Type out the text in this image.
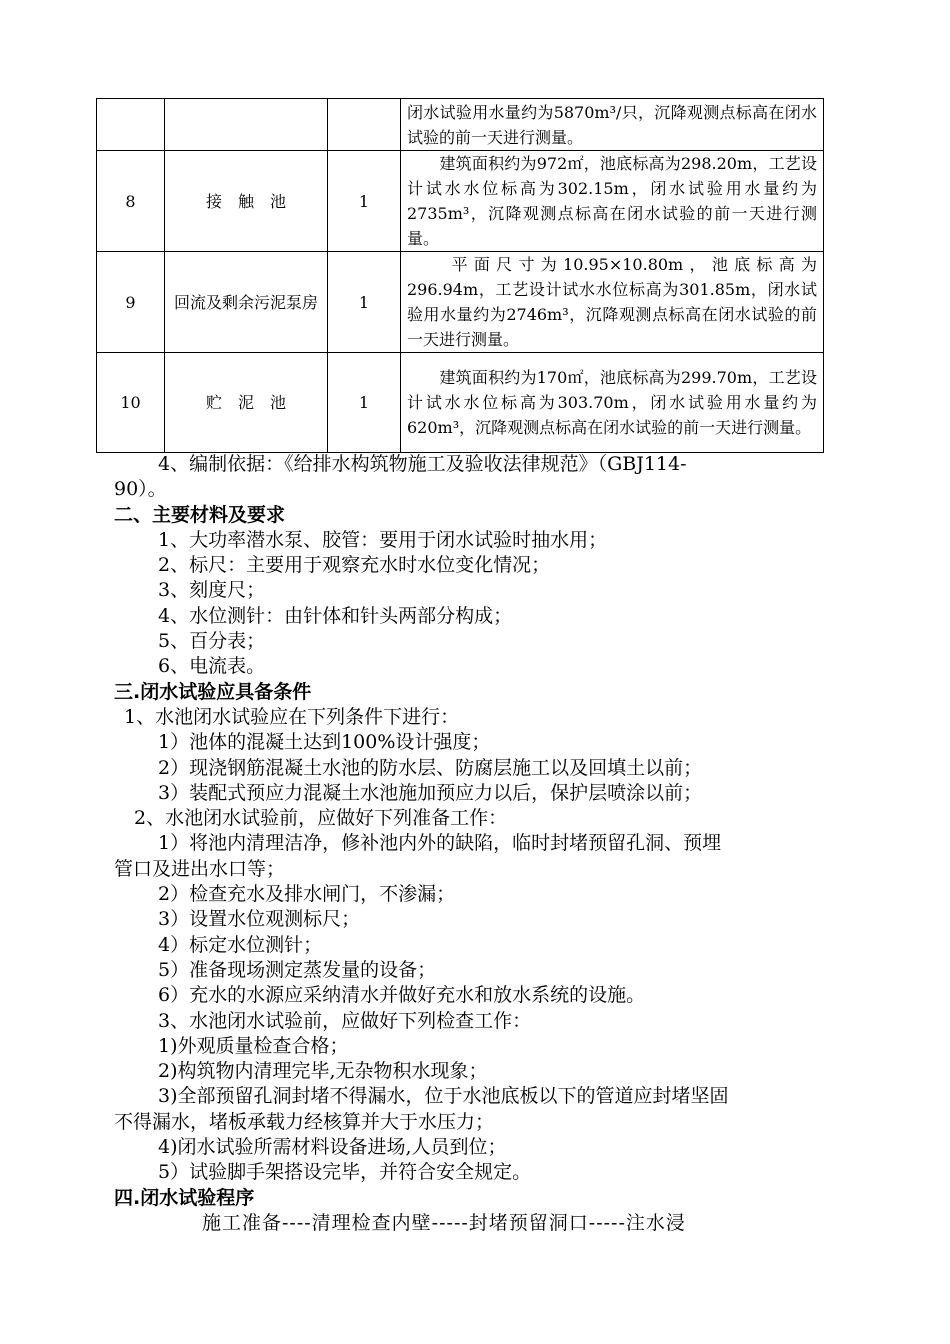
			闭水试验用水量约为5870m³/只，沉降观测点标高在闭水试验的前一天进行测量。
8	接　触　池	1	　　建筑面积约为972㎡，池底标高为298.20m，工艺设计试水水位标高为302.15m，闭水试验用水量约为2735m³，沉降观测点标高在闭水试验的前一天进行测量。
9	回流及剩余污泥泵房	1	　　平面尺寸为10.95×10.80m，池底标高为296.94m，工艺设计试水水位标高为301.85m，闭水试验用水量约为2746m³，沉降观测点标高在闭水试验的前一天进行测量。
10	贮　泥　池	1	　　建筑面积约为170㎡，池底标高为299.70m，工艺设计试水水位标高为303.70m，闭水试验用水量约为620m³，沉降观测点标高在闭水试验的前一天进行测量。
4、编制依据：《给排水构筑物施工及验收法律规范》（GBJ114-
90）。
二、主要材料及要求
1、大功率潜水泵、胶管：要用于闭水试验时抽水用；
2、标尺：主要用于观察充水时水位变化情况；
3、刻度尺；
4、水位测针：由针体和针头两部分构成；
5、百分表；
6、电流表。
三.闭水试验应具备条件
1、水池闭水试验应在下列条件下进行：
1）池体的混凝土达到100%设计强度；
2）现浇钢筋混凝土水池的防水层、防腐层施工以及回填土以前；
3）装配式预应力混凝土水池施加预应力以后，保护层喷涂以前；
2、水池闭水试验前，应做好下列准备工作：
1）将池内清理洁净，修补池内外的缺陷，临时封堵预留孔洞、预埋
管口及进出水口等；
2）检查充水及排水闸门，不渗漏；
3）设置水位观测标尺；
4）标定水位测针；
5）准备现场测定蒸发量的设备；
6）充水的水源应采纳清水并做好充水和放水系统的设施。
3、水池闭水试验前，应做好下列检查工作：
1)外观质量检查合格；
2)构筑物内清理完毕,无杂物积水现象；
3)全部预留孔洞封堵不得漏水，位于水池底板以下的管道应封堵坚固
不得漏水，堵板承载力经核算并大于水压力；
4)闭水试验所需材料设备进场,人员到位；
5）试验脚手架搭设完毕，并符合安全规定。
四.闭水试验程序
施工准备----清理检查内壁-----封堵预留洞口-----注水浸
